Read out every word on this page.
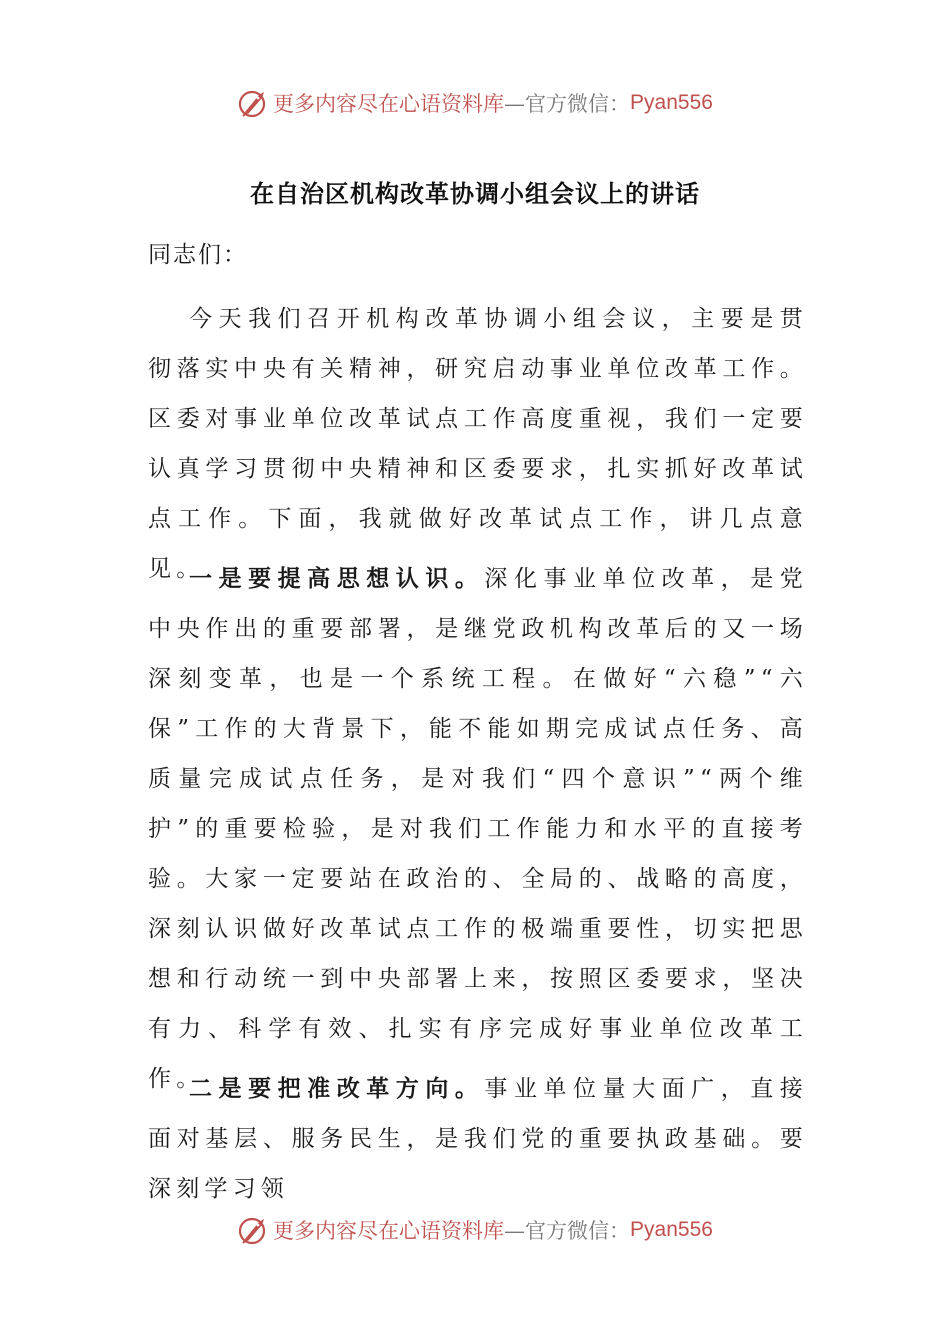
更多内容尽在心语资料库 —官方微信： Pyan556
在自治区机构改革协调小组会议上的讲话
同志们：

今天我们召开机构改革协调小组会议，主要是贯彻落实中央有关精神，研究启动事业单位改革工作。区委对事业单位改革试点工作高度重视，我们一定要认真学习贯彻中央精神和区委要求，扎实抓好改革试点工作。下面，我就做好改革试点工作，讲几点意见。

一是要提高思想认识。深化事业单位改革，是党中央作出的重要部署，是继党政机构改革后的又一场深刻变革，也是一个系统工程。在做好“六稳”“六保”工作的大背景下，能不能如期完成试点任务、高质量完成试点任务，是对我们“四个意识”“两个维护”的重要检验，是对我们工作能力和水平的直接考验。大家一定要站在政治的、全局的、战略的高度，深刻认识做好改革试点工作的极端重要性，切实把思想和行动统一到中央部署上来，按照区委要求，坚决有力、科学有效、扎实有序完成好事业单位改革工作。

二是要把准改革方向。事业单位量大面广，直接面对基层、服务民生，是我们党的重要执政基础。要深刻学习领

更多内容尽在心语资料库 —官方微信： Pyan556
